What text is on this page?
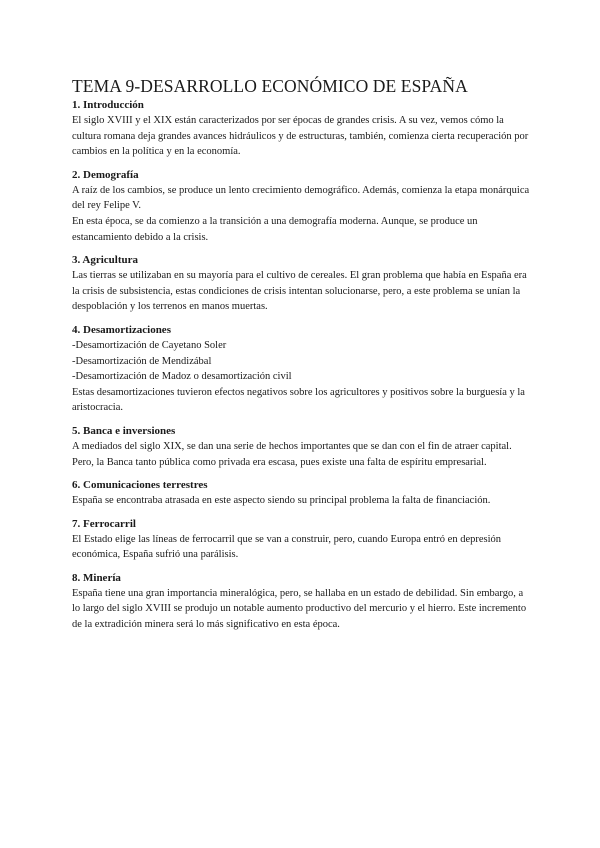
TEMA 9-DESARROLLO ECONÓMICO DE ESPAÑA

1. Introducción

El siglo XVIII y el XIX están caracterizados por ser épocas de grandes crisis. A su vez, vemos cómo la cultura romana deja grandes avances hidráulicos y de estructuras, también, comienza cierta recuperación por cambios en la política y en la economía.

2. Demografía

A raíz de los cambios, se produce un lento crecimiento demográfico. Además, comienza la etapa monárquica del rey Felipe V.

En esta época, se da comienzo a la transición a una demografía moderna. Aunque, se produce un estancamiento debido a la crisis.

3. Agricultura

Las tierras se utilizaban en su mayoría para el cultivo de cereales. El gran problema que había en España era la crisis de subsistencia, estas condiciones de crisis intentan solucionarse, pero, a este problema se unían la despoblación y los terrenos en manos muertas.

4. Desamortizaciones

-Desamortización de Cayetano Soler

-Desamortización de Mendizábal

-Desamortización de Madoz o desamortización civil

Estas desamortizaciones tuvieron efectos negativos sobre los agricultores y positivos sobre la burguesía y la aristocracia.

5. Banca e inversiones

A mediados del siglo XIX, se dan una serie de hechos importantes que se dan con el fin de atraer capital. Pero, la Banca tanto pública como privada era escasa, pues existe una falta de espíritu empresarial.

6. Comunicaciones terrestres

España se encontraba atrasada en este aspecto siendo su principal problema la falta de financiación.

7. Ferrocarril

El Estado elige las líneas de ferrocarril que se van a construir, pero, cuando Europa entró en depresión económica, España sufrió una parálisis.

8. Minería

España tiene una gran importancia mineralógica, pero, se hallaba en un estado de debilidad. Sin embargo, a lo largo del siglo XVIII se produjo un notable aumento productivo del mercurio y el hierro. Este incremento de la extradición minera será lo más significativo en esta época.
